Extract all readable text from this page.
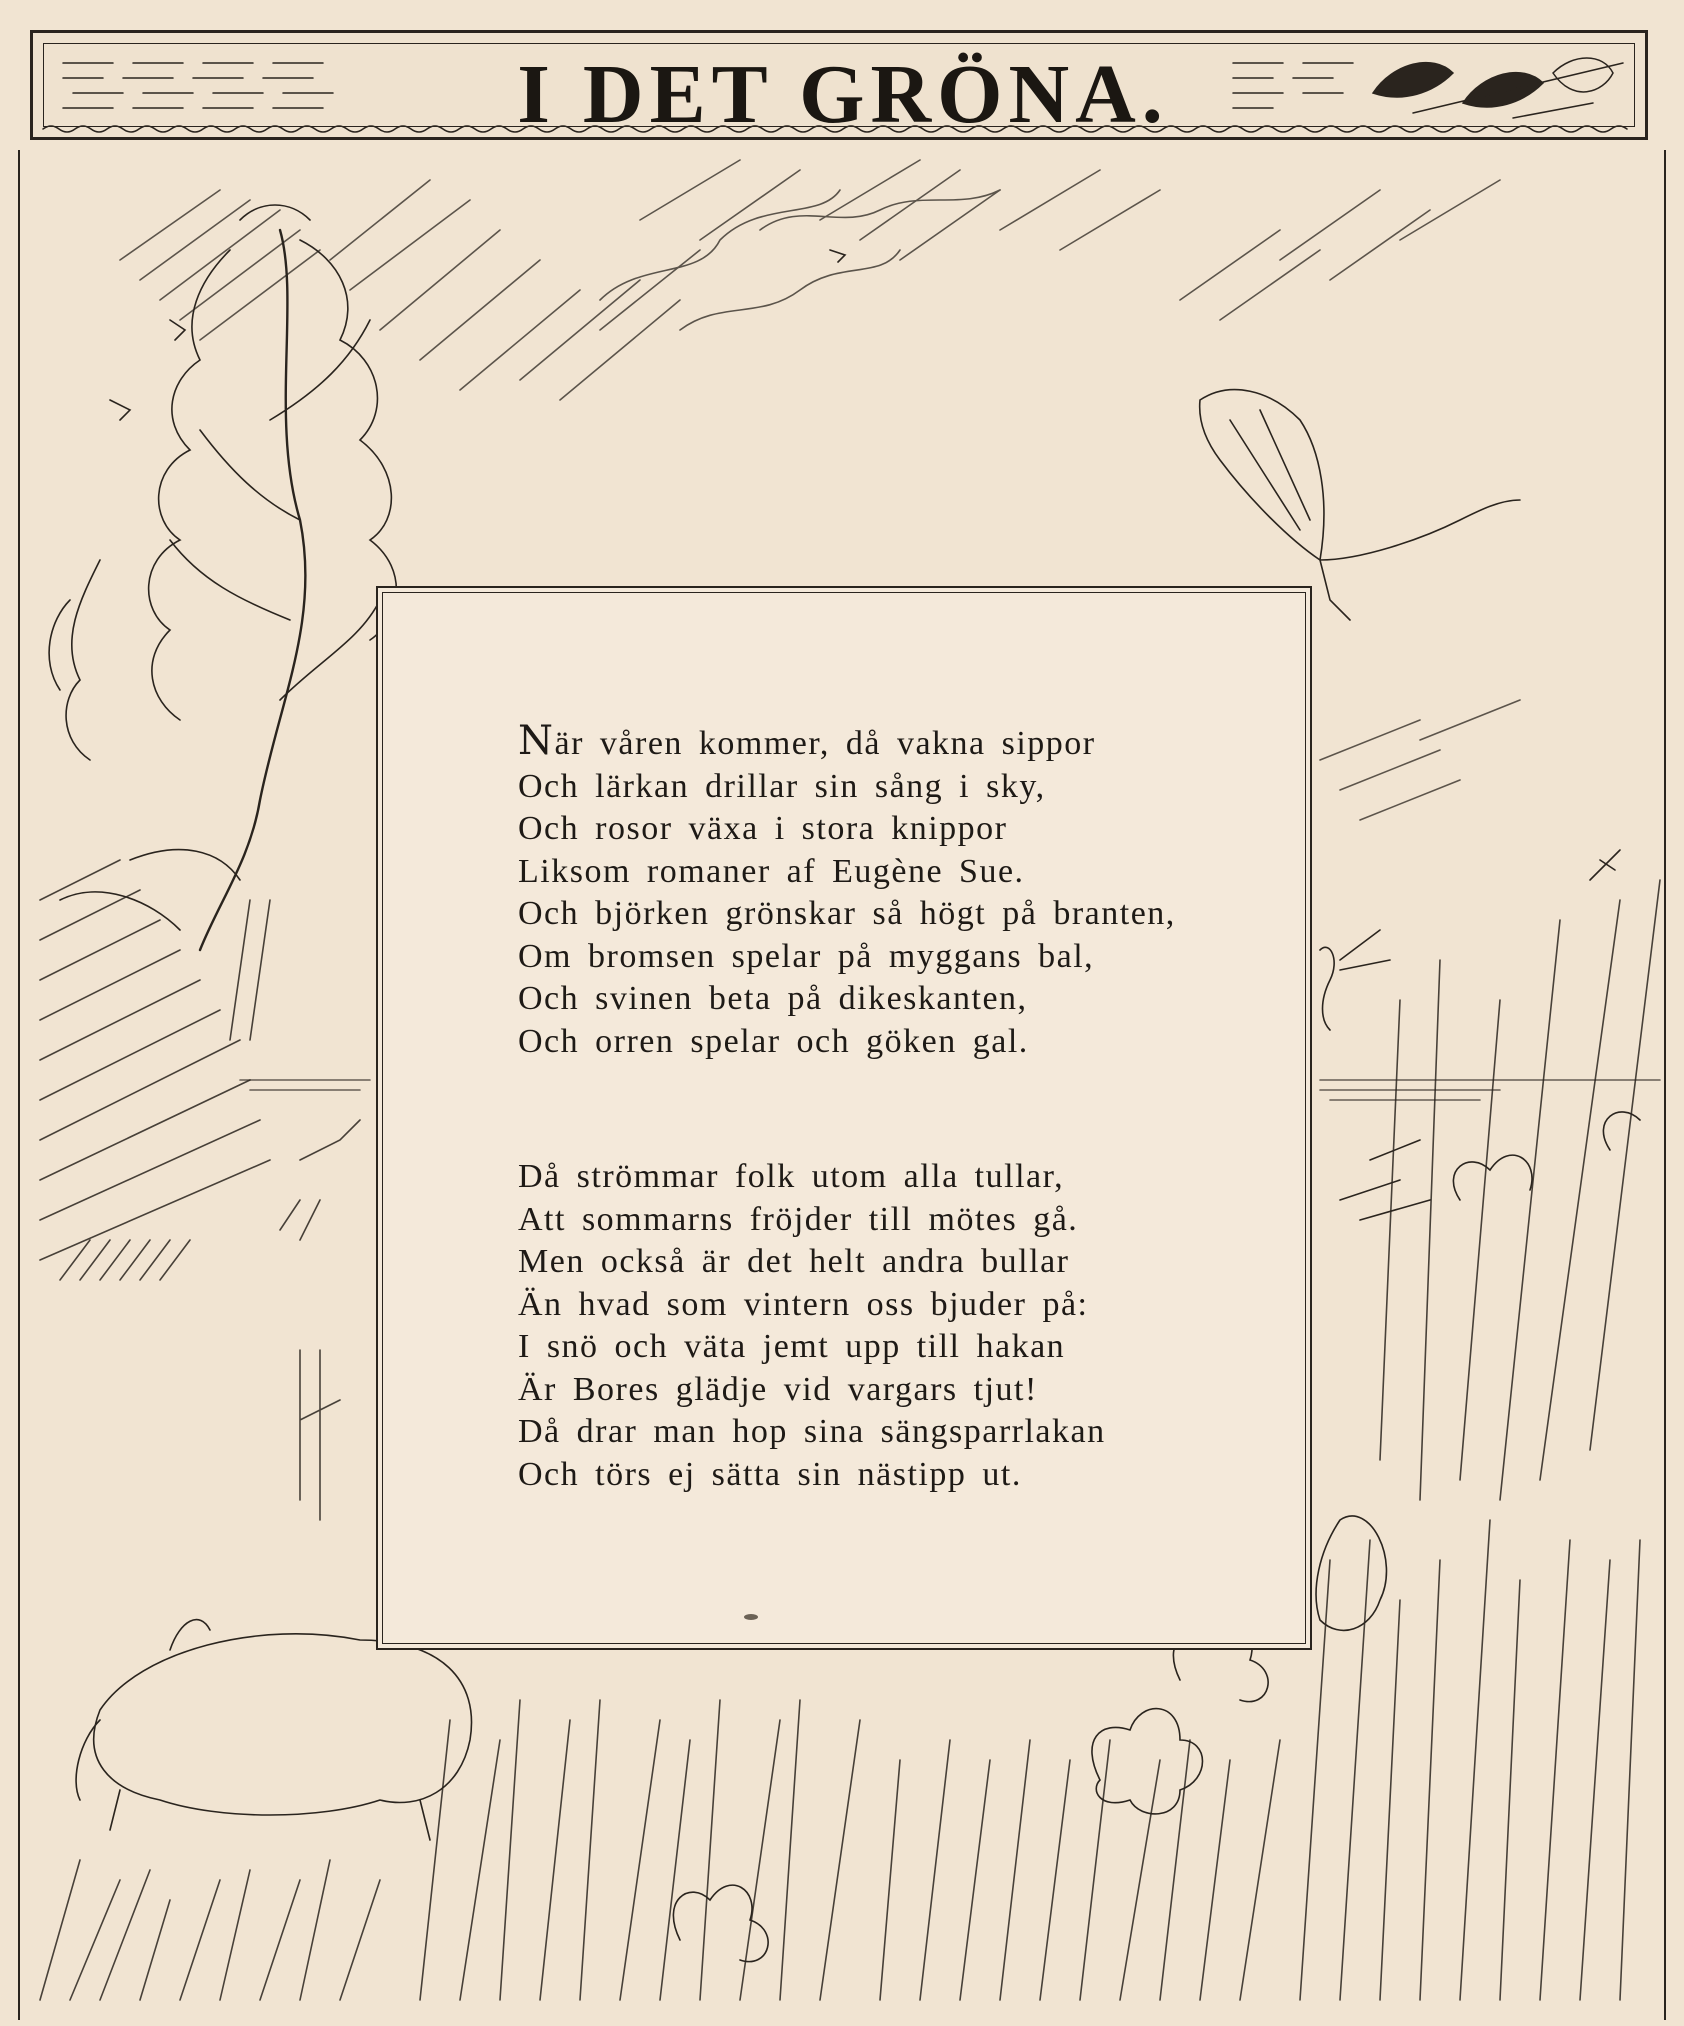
I DET GRÖNA.
När våren kommer, då vakna sippor
Och lärkan drillar sin sång i sky,
Och rosor växa i stora knippor
Liksom romaner af Eugène Sue.
Och björken grönskar så högt på branten,
Om bromsen spelar på myggans bal,
Och svinen beta på dikeskanten,
Och orren spelar och göken gal.
Då strömmar folk utom alla tullar,
Att sommarns fröjder till mötes gå.
Men också är det helt andra bullar
Än hvad som vintern oss bjuder på:
I snö och väta jemt upp till hakan
Är Bores glädje vid vargars tjut!
Då drar man hop sina sängsparrlakan
Och törs ej sätta sin nästipp ut.
